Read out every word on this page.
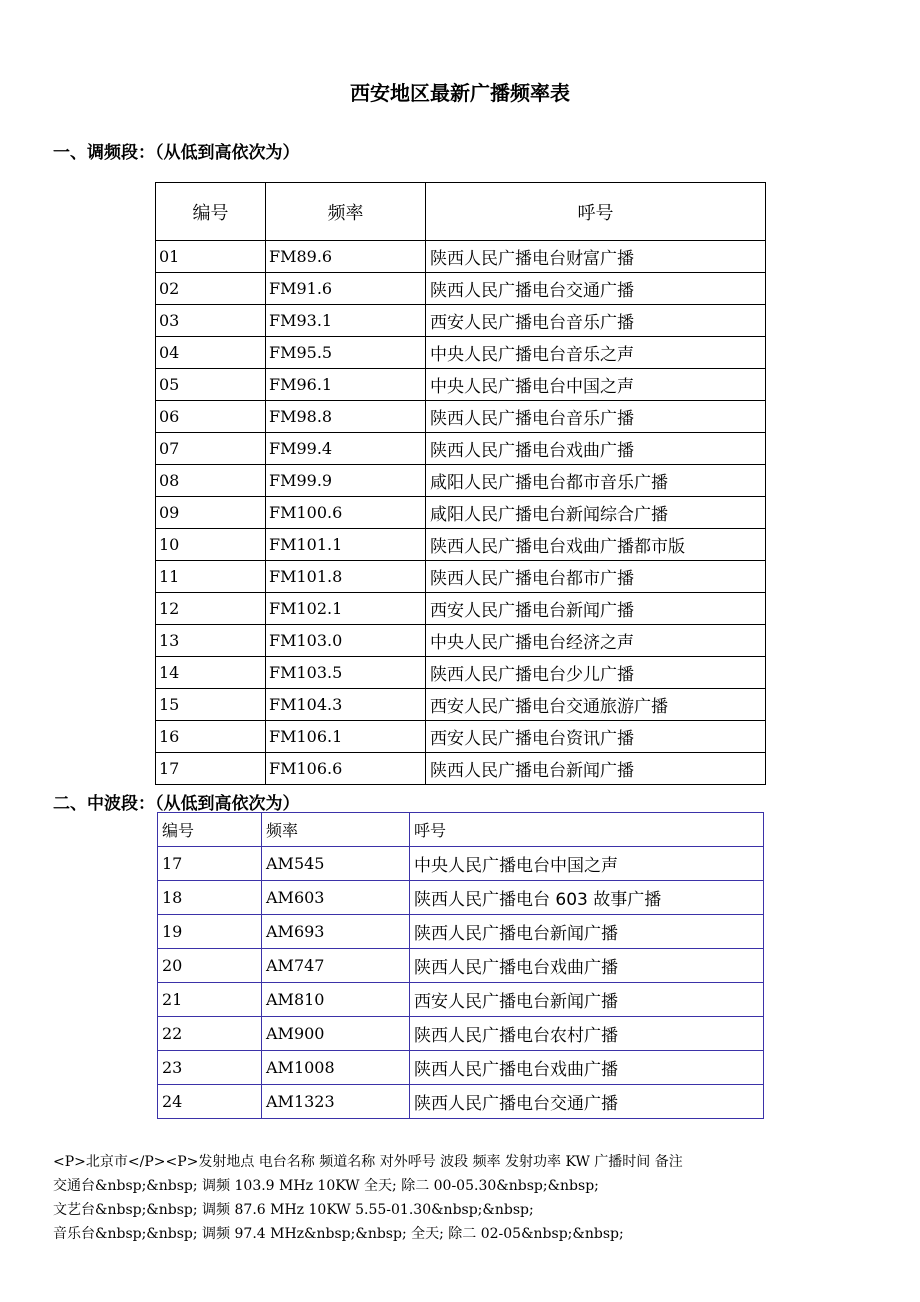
西安地区最新广播频率表
一、调频段：（从低到高依次为）
编号	频率	呼号
01	FM89.6	陕西人民广播电台财富广播
02	FM91.6	陕西人民广播电台交通广播
03	FM93.1	西安人民广播电台音乐广播
04	FM95.5	中央人民广播电台音乐之声
05	FM96.1	中央人民广播电台中国之声
06	FM98.8	陕西人民广播电台音乐广播
07	FM99.4	陕西人民广播电台戏曲广播
08	FM99.9	咸阳人民广播电台都市音乐广播
09	FM100.6	咸阳人民广播电台新闻综合广播
10	FM101.1	陕西人民广播电台戏曲广播都市版
11	FM101.8	陕西人民广播电台都市广播
12	FM102.1	西安人民广播电台新闻广播
13	FM103.0	中央人民广播电台经济之声
14	FM103.5	陕西人民广播电台少儿广播
15	FM104.3	西安人民广播电台交通旅游广播
16	FM106.1	西安人民广播电台资讯广播
17	FM106.6	陕西人民广播电台新闻广播
二、中波段：（从低到高依次为）
编号	频率	呼号
17	AM545	中央人民广播电台中国之声
18	AM603	陕西人民广播电台 603 故事广播
19	AM693	陕西人民广播电台新闻广播
20	AM747	陕西人民广播电台戏曲广播
21	AM810	西安人民广播电台新闻广播
22	AM900	陕西人民广播电台农村广播
23	AM1008	陕西人民广播电台戏曲广播
24	AM1323	陕西人民广播电台交通广播
<P>北京市</P><P>发射地点 电台名称 频道名称 对外呼号 波段 频率 发射功率 KW 广播时间 备注
交通台&nbsp;&nbsp; 调频 103.9 MHz 10KW 全天; 除二 00-05.30&nbsp;&nbsp;
文艺台&nbsp;&nbsp; 调频 87.6 MHz 10KW 5.55-01.30&nbsp;&nbsp;
音乐台&nbsp;&nbsp; 调频 97.4 MHz&nbsp;&nbsp; 全天; 除二 02-05&nbsp;&nbsp;
